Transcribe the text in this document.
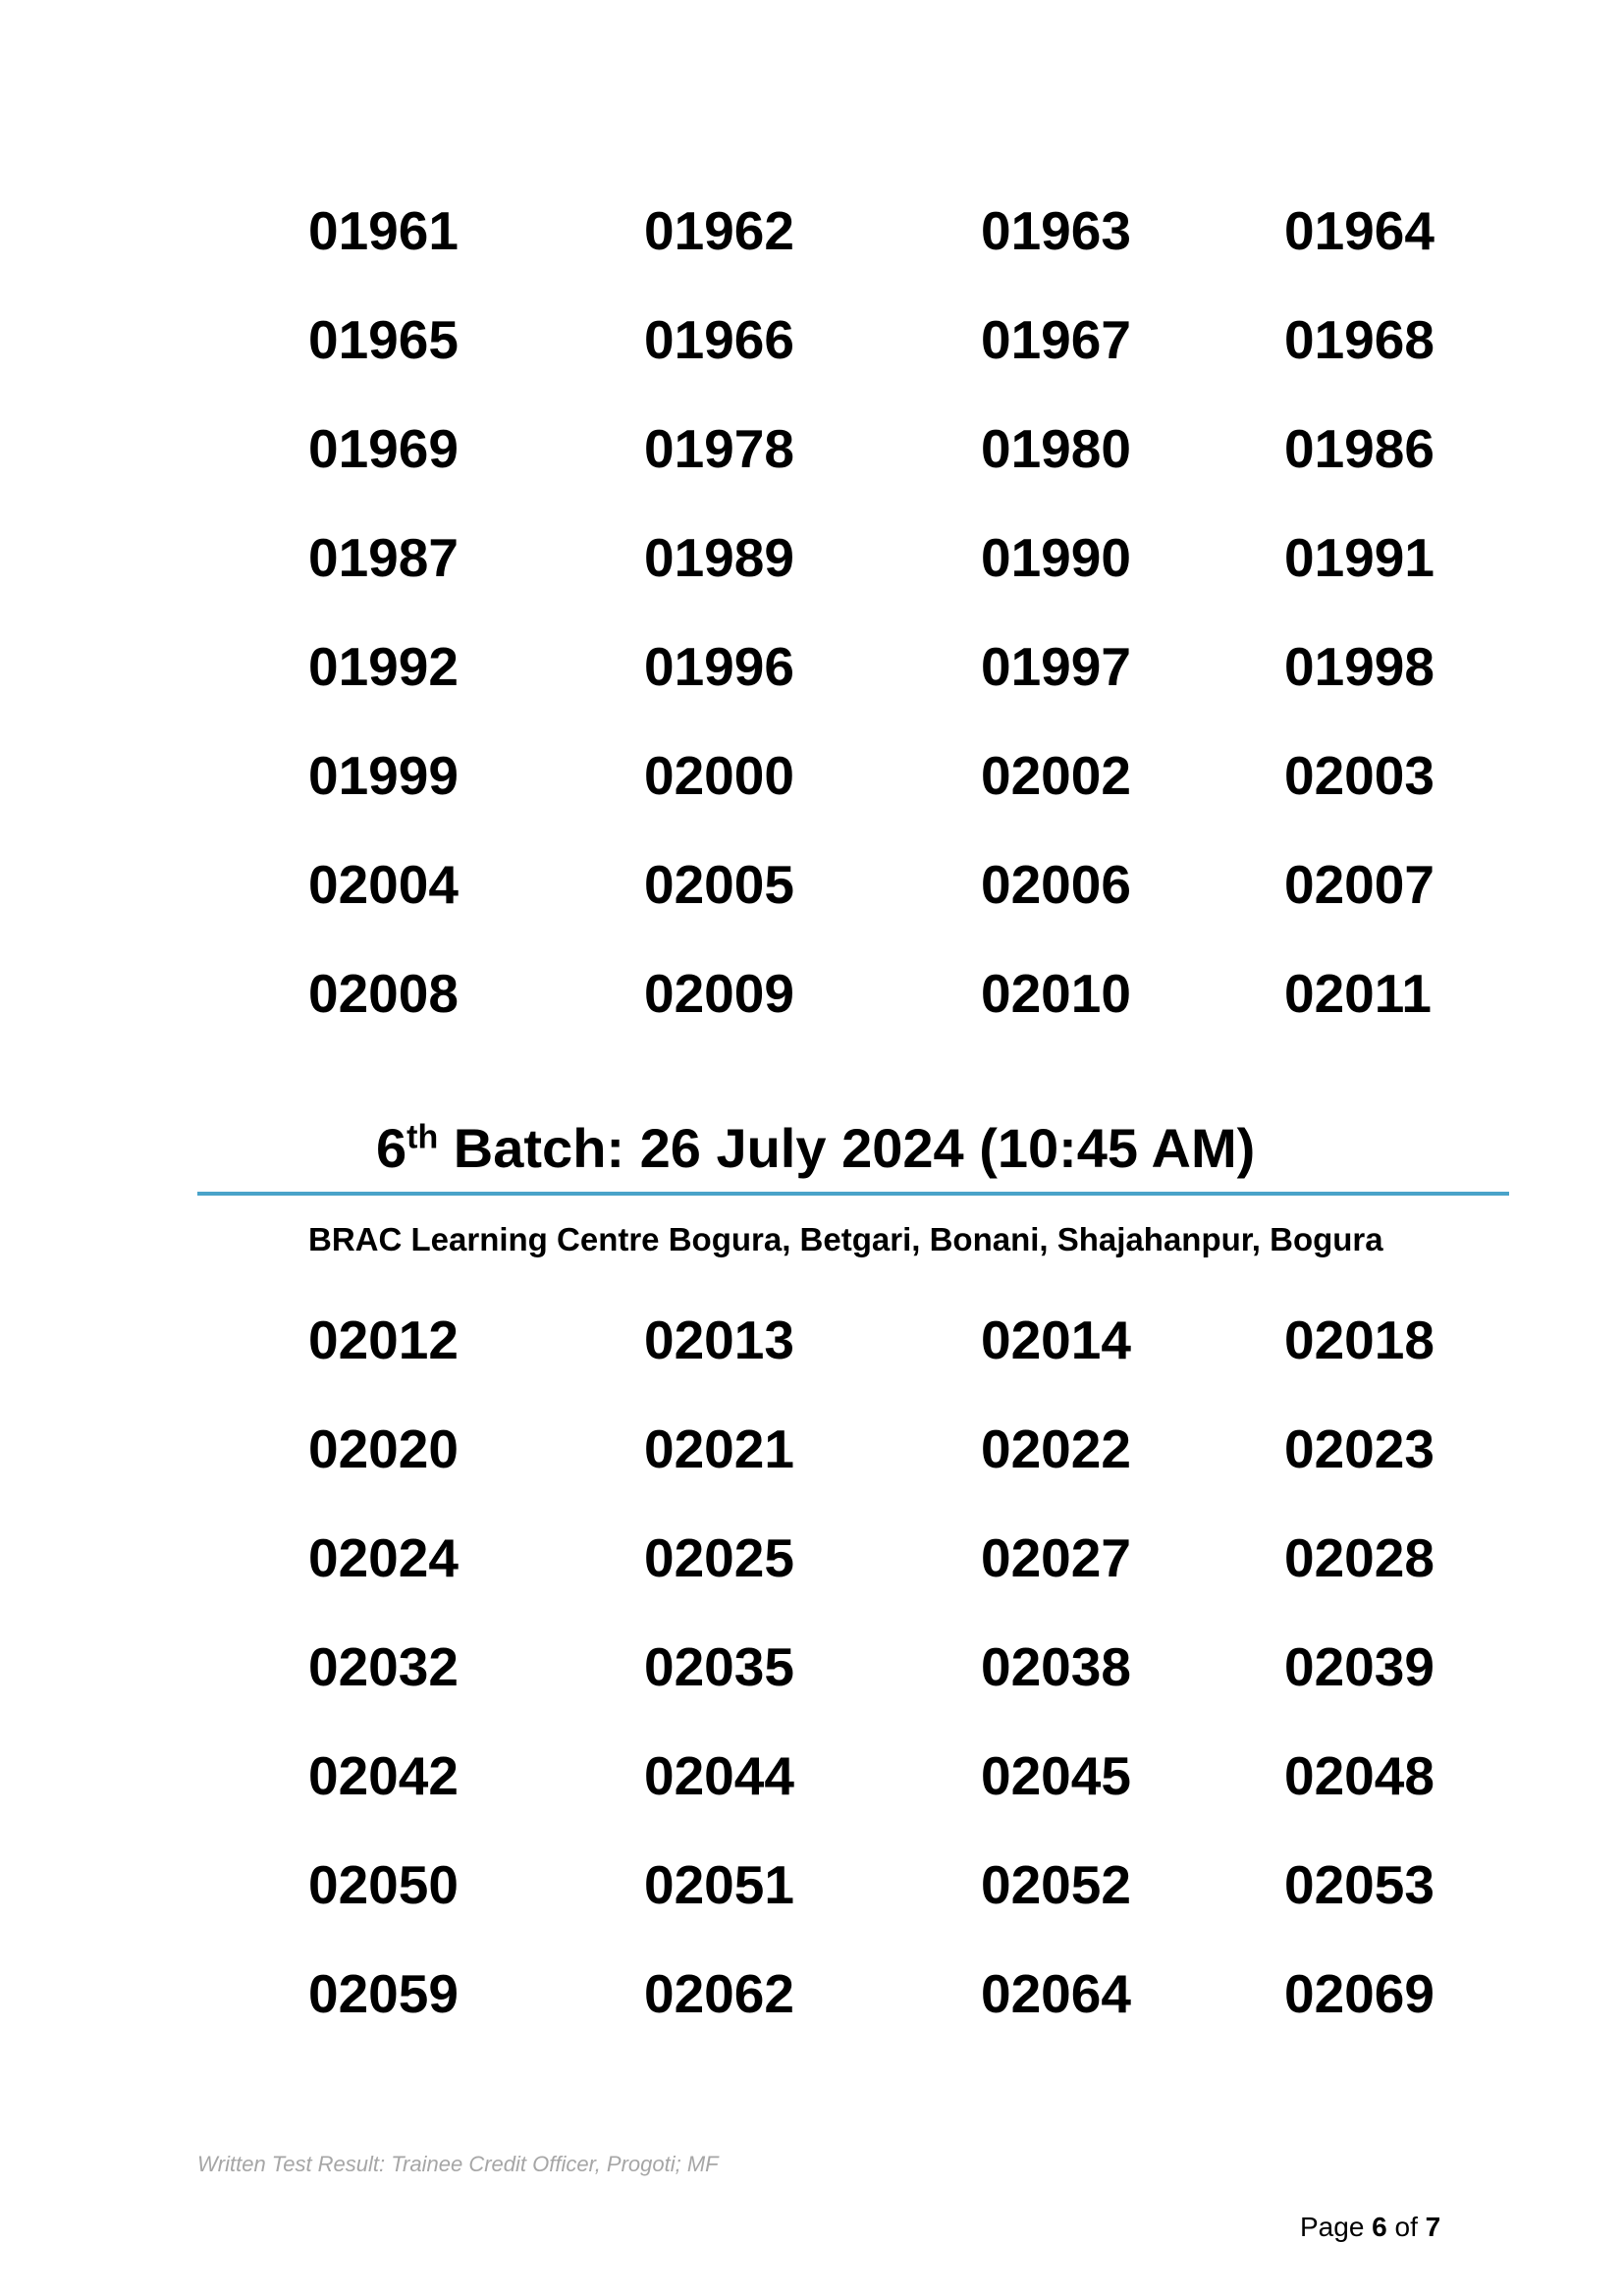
01961	01962	01963	01964
01965	01966	01967	01968
01969	01978	01980	01986
01987	01989	01990	01991
01992	01996	01997	01998
01999	02000	02002	02003
02004	02005	02006	02007
02008	02009	02010	02011
6th Batch: 26 July 2024 (10:45 AM)
BRAC Learning Centre Bogura, Betgari, Bonani, Shajahanpur, Bogura
02012	02013	02014	02018
02020	02021	02022	02023
02024	02025	02027	02028
02032	02035	02038	02039
02042	02044	02045	02048
02050	02051	02052	02053
02059	02062	02064	02069
Written Test Result: Trainee Credit Officer, Progoti; MF
Page 6 of 7
